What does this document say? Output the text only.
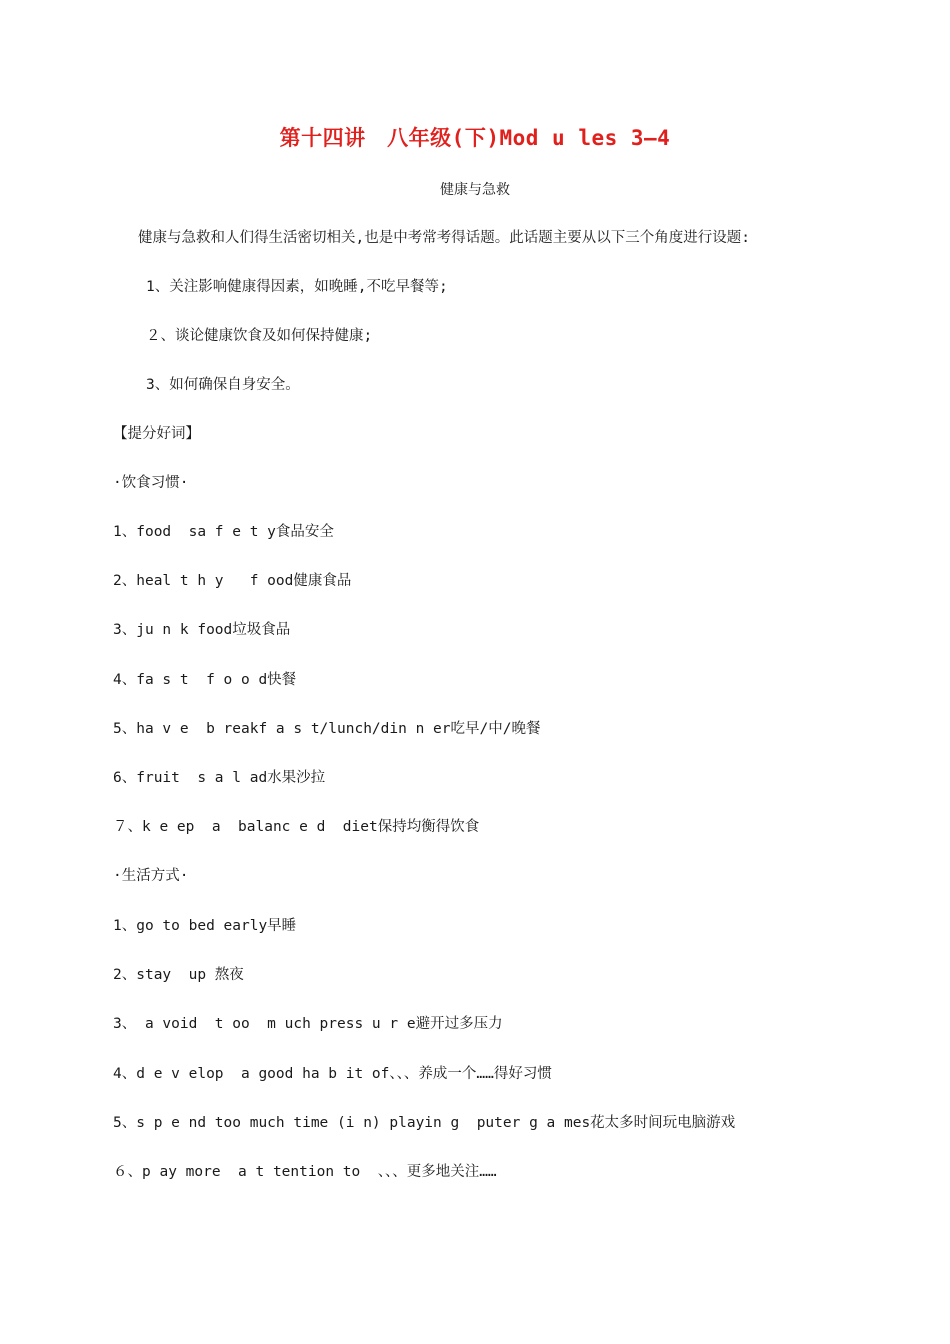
第十四讲　八年级(下)Mod u les 3—4
健康与急救
健康与急救和人们得生活密切相关,也是中考常考得话题。此话题主要从以下三个角度进行设题:
1、关注影响健康得因素，如晚睡,不吃早餐等;
２、谈论健康饮食及如何保持健康;
3、如何确保自身安全。
【提分好词】
·饮食习惯·
1、food  sa f e t y食品安全
2、heal t h y   f ood健康食品
3、ju n k food垃圾食品
4、fa s t  f o o d快餐
5、ha v e  b reakf a s t/lunch/din n er吃早/中/晚餐
6、fruit  s a l ad水果沙拉
７、k e ep  a  balanc e d  diet保持均衡得饮食
·生活方式·
1、go to bed early早睡
2、stay  up 熬夜
3、 a void  t oo  m uch press u r e避开过多压力
4、d e v elop  a good ha b it of、、、养成一个……得好习惯
5、s p e nd too much time (i n) playin g  puter g a mes花太多时间玩电脑游戏
６、p ay more  a t tention to  、、、更多地关注……
